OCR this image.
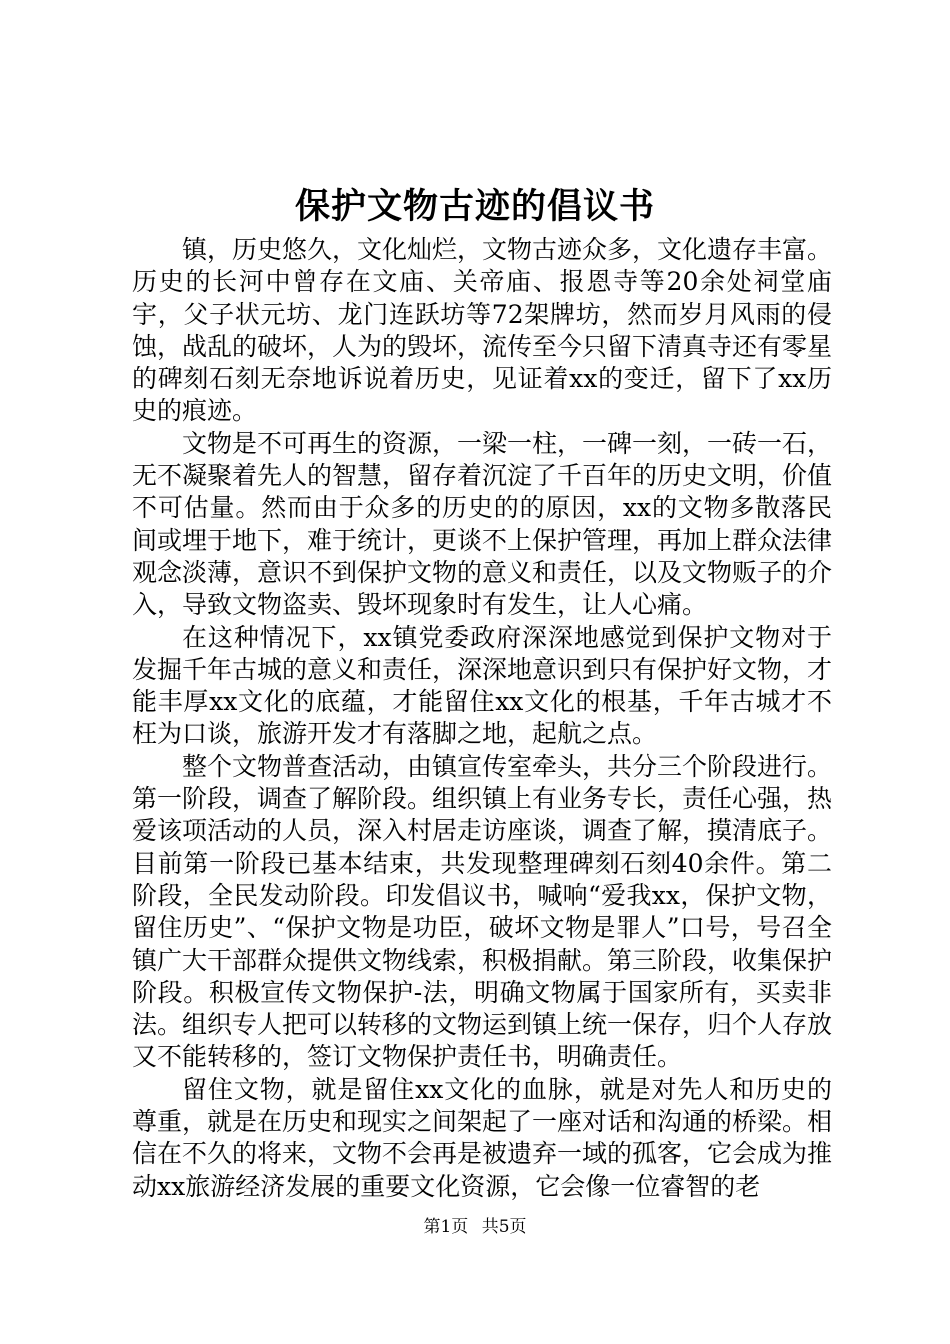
保护文物古迹的倡议书

镇，历史悠久，文化灿烂，文物古迹众多，文化遗存丰富。历史的长河中曾存在文庙、关帝庙、报恩寺等20余处祠堂庙宇，父子状元坊、龙门连跃坊等72架牌坊，然而岁月风雨的侵蚀，战乱的破坏，人为的毁坏，流传至今只留下清真寺还有零星的碑刻石刻无奈地诉说着历史，见证着xx的变迁，留下了xx历史的痕迹。

文物是不可再生的资源，一梁一柱，一碑一刻，一砖一石，无不凝聚着先人的智慧，留存着沉淀了千百年的历史文明，价值不可估量。然而由于众多的历史的的原因，xx的文物多散落民间或埋于地下，难于统计，更谈不上保护管理，再加上群众法律观念淡薄，意识不到保护文物的意义和责任，以及文物贩子的介入，导致文物盗卖、毁坏现象时有发生，让人心痛。

在这种情况下，xx镇党委政府深深地感觉到保护文物对于发掘千年古城的意义和责任，深深地意识到只有保护好文物，才能丰厚xx文化的底蕴，才能留住xx文化的根基，千年古城才不枉为口谈，旅游开发才有落脚之地，起航之点。

整个文物普查活动，由镇宣传室牵头，共分三个阶段进行。第一阶段，调查了解阶段。组织镇上有业务专长，责任心强，热爱该项活动的人员，深入村居走访座谈，调查了解，摸清底子。目前第一阶段已基本结束，共发现整理碑刻石刻40余件。第二阶段，全民发动阶段。印发倡议书，喊响“爱我xx，保护文物，留住历史”、“保护文物是功臣，破坏文物是罪人”口号，号召全镇广大干部群众提供文物线索，积极捐献。第三阶段，收集保护阶段。积极宣传文物保护-法，明确文物属于国家所有，买卖非法。组织专人把可以转移的文物运到镇上统一保存，归个人存放又不能转移的，签订文物保护责任书，明确责任。

留住文物，就是留住xx文化的血脉，就是对先人和历史的尊重，就是在历史和现实之间架起了一座对话和沟通的桥梁。相信在不久的将来，文物不会再是被遗弃一域的孤客，它会成为推动xx旅游经济发展的重要文化资源，它会像一位睿智的老

第1页 共5页
